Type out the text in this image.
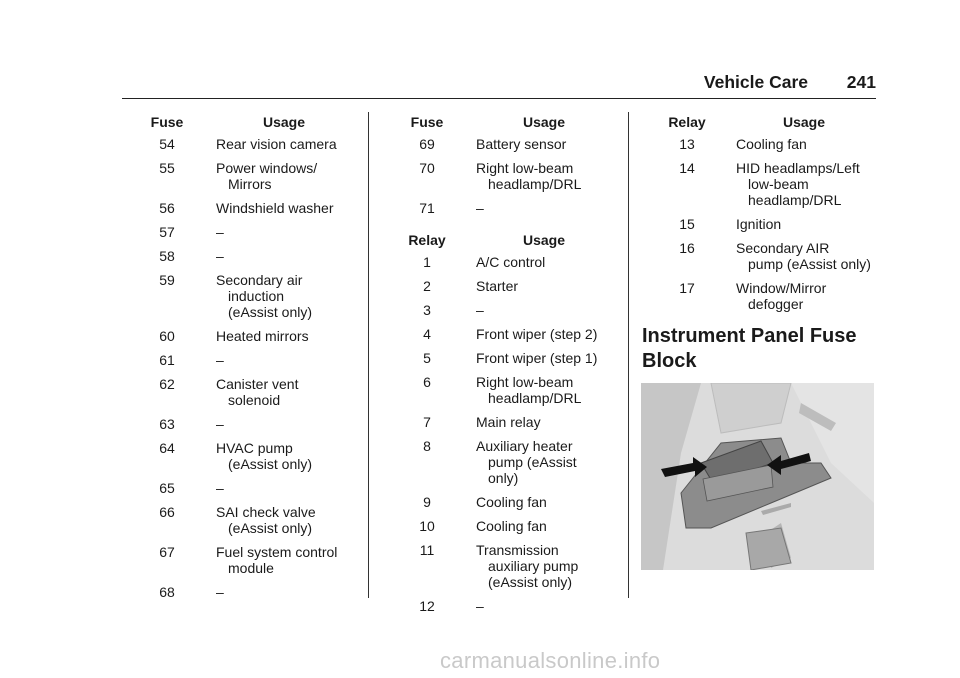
Vehicle Care 241
Fuse	Usage
54	Rear vision camera
55	Power windows/
Mirrors
56	Windshield washer
57	–
58	–
59	Secondary air
induction
(eAssist only)
60	Heated mirrors
61	–
62	Canister vent
solenoid
63	–
64	HVAC pump
(eAssist only)
65	–
66	SAI check valve
(eAssist only)
67	Fuel system control
module
68	–
Fuse	Usage
69	Battery sensor
70	Right low-beam
headlamp/DRL
71	–
Relay	Usage
1	A/C control
2	Starter
3	–
4	Front wiper (step 2)
5	Front wiper (step 1)
6	Right low-beam
headlamp/DRL
7	Main relay
8	Auxiliary heater
pump (eAssist only)
9	Cooling fan
10	Cooling fan
11	Transmission
auxiliary pump
(eAssist only)
12	–
Relay	Usage
13	Cooling fan
14	HID headlamps/Left
low-beam
headlamp/DRL
15	Ignition
16	Secondary AIR
pump (eAssist only)
17	Window/Mirror
defogger
Instrument Panel Fuse
Block
carmanualsonline.info
